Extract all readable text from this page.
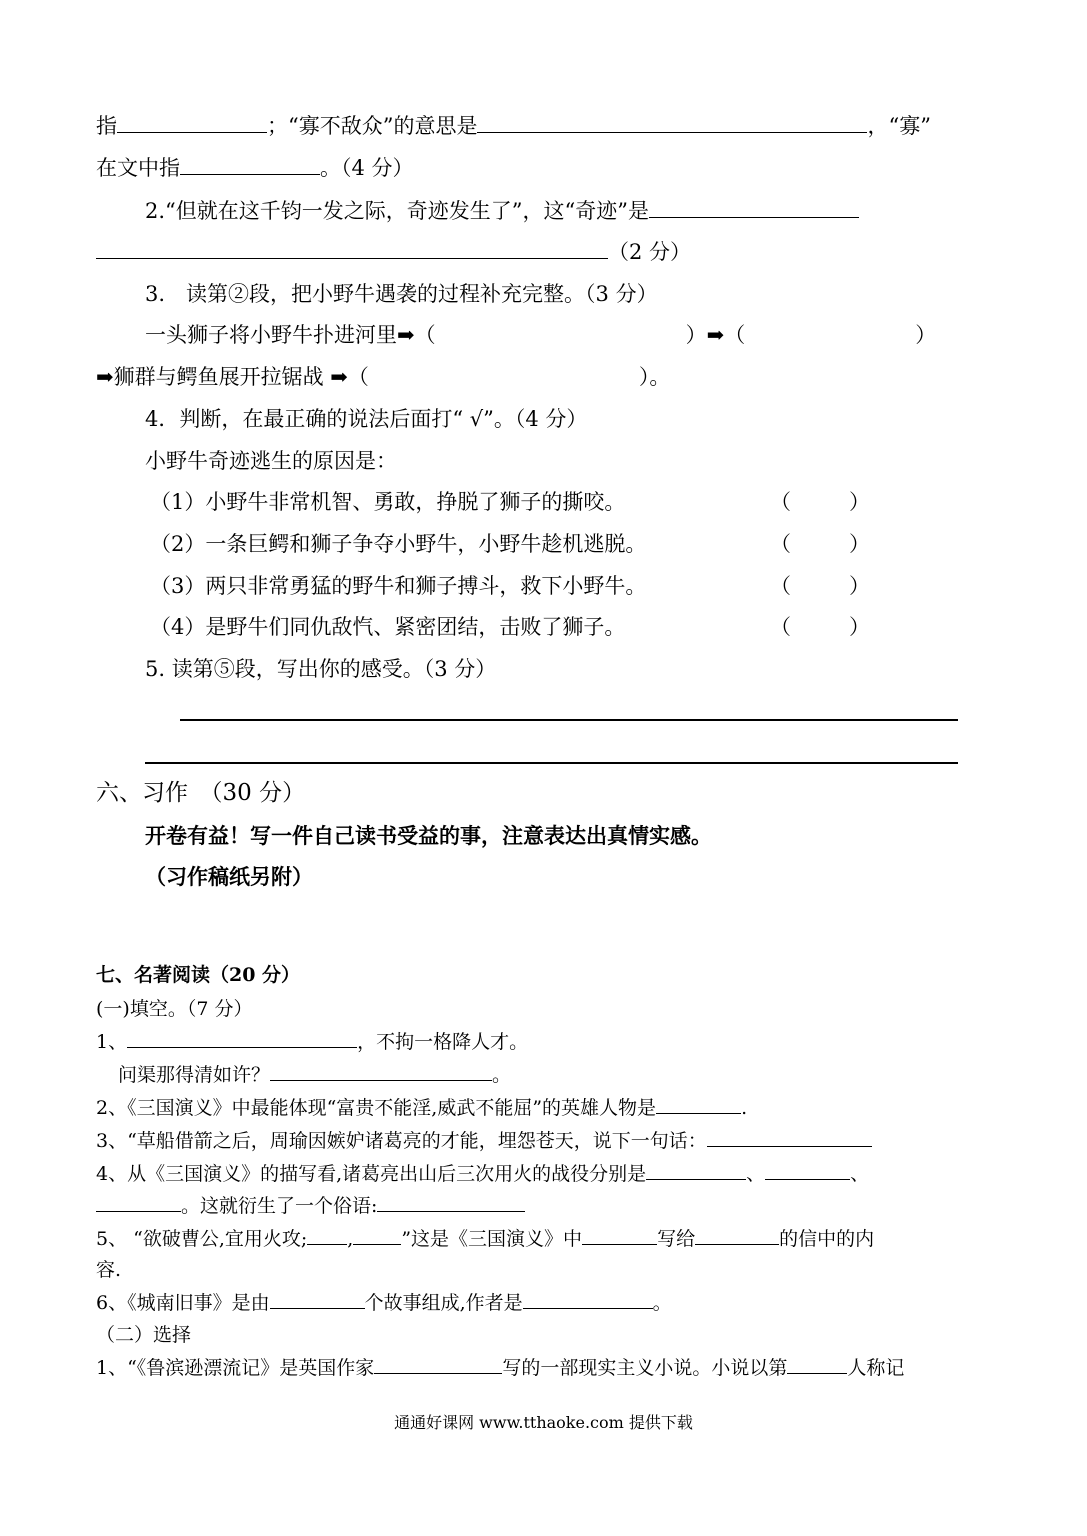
指	；“寡不敌众”的意思是	，“寡”
在文中指	。（4 分）
2.“但就在这千钧一发之际，奇迹发生了”，这“奇迹”是
（2 分）
3.　读第②段，把小野牛遇袭的过程补充完整。（3 分）
一头狮子将小野牛扑进河里➡（	）➡（	）
➡狮群与鳄鱼展开拉锯战 ➡（	）。
4．判断，在最正确的说法后面打“ √”。（4 分）
小野牛奇迹逃生的原因是：
（1）小野牛非常机智、勇敢，挣脱了狮子的撕咬。	（	）
（2）一条巨鳄和狮子争夺小野牛，小野牛趁机逃脱。	（	）
（3）两只非常勇猛的野牛和狮子搏斗，救下小野牛。	（	）
（4）是野牛们同仇敌忾、紧密团结，击败了狮子。	（	）
5. 读第⑤段，写出你的感受。（3 分）
六、习作　（30 分）
开卷有益！写一件自己读书受益的事，注意表达出真情实感。
（习作稿纸另附）
七、名著阅读（20 分）
(一)填空。（7 分）
1、	，不拘一格降人才。
问渠那得清如许？	。
2、《三国演义》中最能体现“富贵不能淫,威武不能屈”的英雄人物是	.
3、“草船借箭之后，周瑜因嫉妒诸葛亮的才能，埋怨苍天，说下一句话：
4、从《三国演义》的描写看,诸葛亮出山后三次用火的战役分别是	、	、
。这就衍生了一个俗语:
5、 “欲破曹公,宜用火攻; ,	”这是《三国演义》中	写给	的信中的内
容.
6、《城南旧事》是由	个故事组成,作者是	。
（二）选择
1、“《鲁滨逊漂流记》是英国作家	写的一部现实主义小说。小说以第	人称记
通通好课网 www.tthaoke.com 提供下载
